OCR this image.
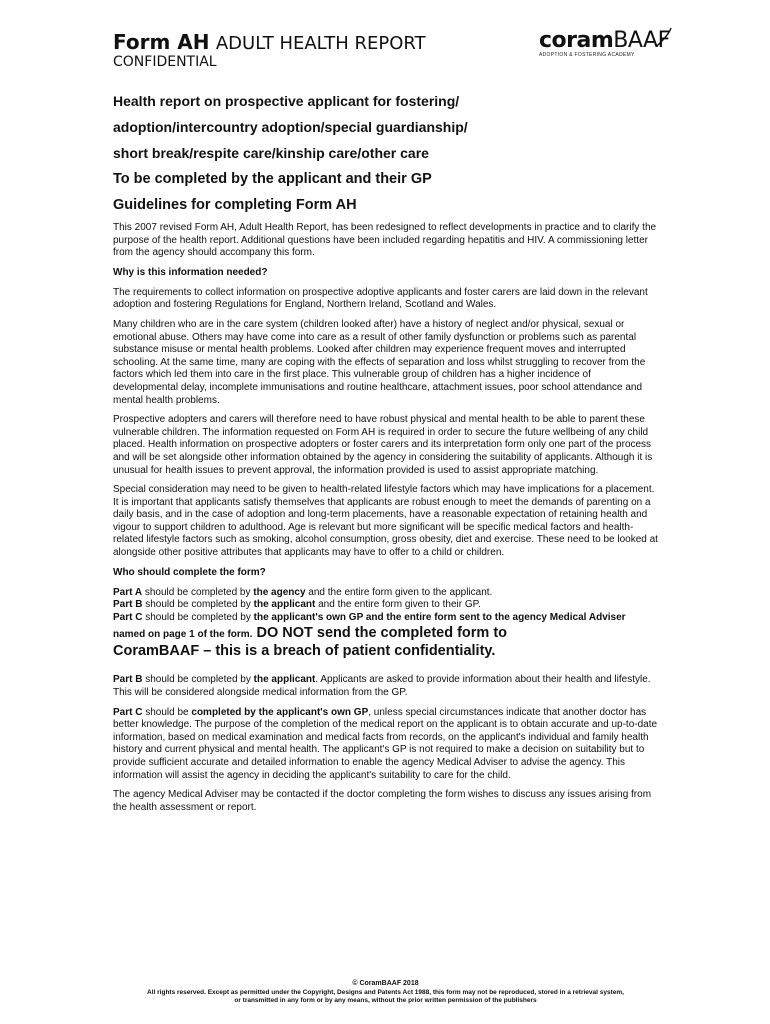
Form AH ADULT HEALTH REPORT
CONFIDENTIAL
coramBAAF
ADOPTION & FOSTERING ACADEMY
Health report on prospective applicant for fostering/
adoption/intercountry adoption/special guardianship/
short break/respite care/kinship care/other care
To be completed by the applicant and their GP
Guidelines for completing Form AH

This 2007 revised Form AH, Adult Health Report, has been redesigned to reflect developments in practice and to clarify the purpose of the health report. Additional questions have been included regarding hepatitis and HIV. A commissioning letter from the agency should accompany this form.

Why is this information needed?

The requirements to collect information on prospective adoptive applicants and foster carers are laid down in the relevant adoption and fostering Regulations for England, Northern Ireland, Scotland and Wales.

Many children who are in the care system (children looked after) have a history of neglect and/or physical, sexual or emotional abuse. Others may have come into care as a result of other family dysfunction or problems such as parental substance misuse or mental health problems. Looked after children may experience frequent moves and interrupted schooling. At the same time, many are coping with the effects of separation and loss whilst struggling to recover from the factors which led them into care in the first place. This vulnerable group of children has a higher incidence of developmental delay, incomplete immunisations and routine healthcare, attachment issues, poor school attendance and mental health problems.

Prospective adopters and carers will therefore need to have robust physical and mental health to be able to parent these vulnerable children. The information requested on Form AH is required in order to secure the future wellbeing of any child placed. Health information on prospective adopters or foster carers and its interpretation form only one part of the process and will be set alongside other information obtained by the agency in considering the suitability of applicants. Although it is unusual for health issues to prevent approval, the information provided is used to assist appropriate matching.

Special consideration may need to be given to health-related lifestyle factors which may have implications for a placement. It is important that applicants satisfy themselves that applicants are robust enough to meet the demands of parenting on a daily basis, and in the case of adoption and long-term placements, have a reasonable expectation of retaining health and vigour to support children to adulthood. Age is relevant but more significant will be specific medical factors and health-related lifestyle factors such as smoking, alcohol consumption, gross obesity, diet and exercise. These need to be looked at alongside other positive attributes that applicants may have to offer to a child or children.

Who should complete the form?

Part A should be completed by the agency and the entire form given to the applicant.

Part B should be completed by the applicant and the entire form given to their GP.

Part C should be completed by the applicant's own GP and the entire form sent to the agency Medical Adviser named on page 1 of the form. DO NOT send the completed form to

CoramBAAF – this is a breach of patient confidentiality.

Part B should be completed by the applicant. Applicants are asked to provide information about their health and lifestyle. This will be considered alongside medical information from the GP.

Part C should be completed by the applicant's own GP, unless special circumstances indicate that another doctor has better knowledge. The purpose of the completion of the medical report on the applicant is to obtain accurate and up-to-date information, based on medical examination and medical facts from records, on the applicant's individual and family health history and current physical and mental health. The applicant's GP is not required to make a decision on suitability but to provide sufficient accurate and detailed information to enable the agency Medical Adviser to advise the agency. This information will assist the agency in deciding the applicant's suitability to care for the child.

The agency Medical Adviser may be contacted if the doctor completing the form wishes to discuss any issues arising from the health assessment or report.

© CoramBAAF 2018
All rights reserved. Except as permitted under the Copyright, Designs and Patents Act 1988, this form may not be reproduced, stored in a retrieval system,
or transmitted in any form or by any means, without the prior written permission of the publishers
